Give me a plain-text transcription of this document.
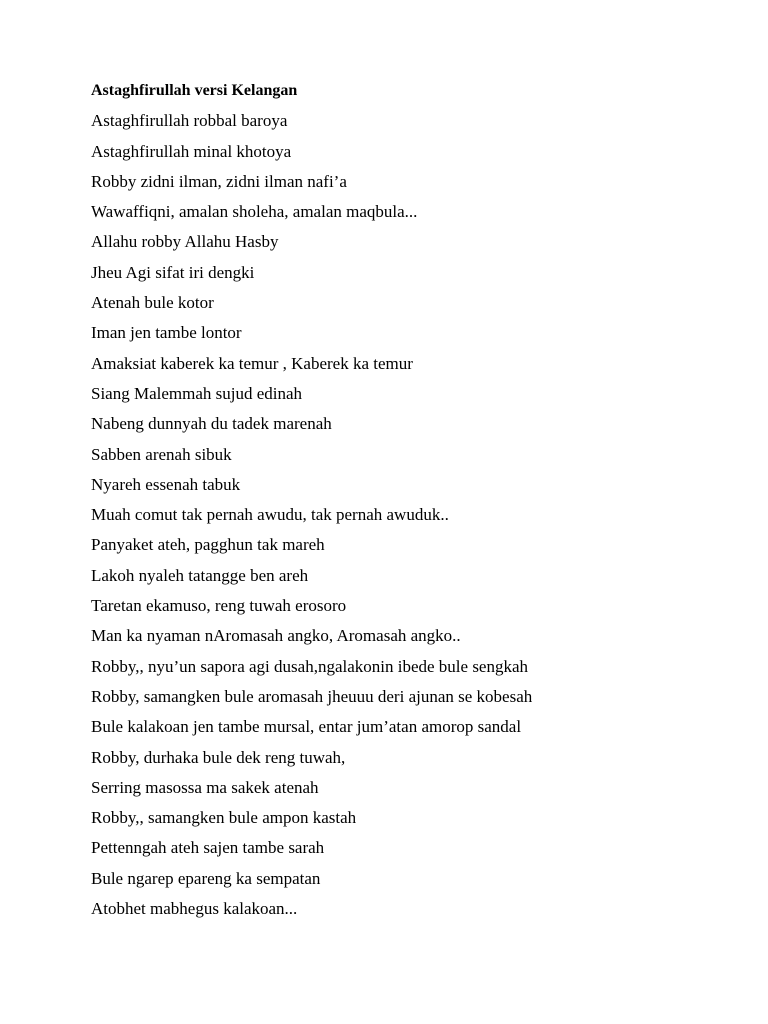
Astaghfirullah versi Kelangan

Astaghfirullah robbal baroya

Astaghfirullah minal khotoya

Robby zidni ilman, zidni ilman nafi’a

Wawaffiqni, amalan sholeha, amalan maqbula...

Allahu robby Allahu Hasby

Jheu Agi sifat iri dengki

Atenah bule kotor

Iman jen tambe lontor

Amaksiat kaberek ka temur , Kaberek ka temur

Siang Malemmah sujud edinah

Nabeng dunnyah du tadek marenah

Sabben arenah sibuk

Nyareh essenah tabuk

Muah comut tak pernah awudu, tak pernah awuduk..

Panyaket ateh, pagghun tak mareh

Lakoh nyaleh tatangge ben areh

Taretan ekamuso, reng tuwah erosoro

Man ka nyaman nAromasah angko, Aromasah angko..

Robby,, nyu’un sapora agi dusah,ngalakonin ibede bule sengkah

Robby, samangken bule aromasah jheuuu deri ajunan se kobesah

Bule kalakoan jen tambe mursal, entar jum’atan amorop sandal

Robby, durhaka bule dek reng tuwah,

Serring masossa ma sakek atenah

Robby,, samangken bule ampon kastah

Pettenngah ateh sajen tambe sarah

Bule ngarep epareng ka sempatan

Atobhet mabhegus kalakoan...
